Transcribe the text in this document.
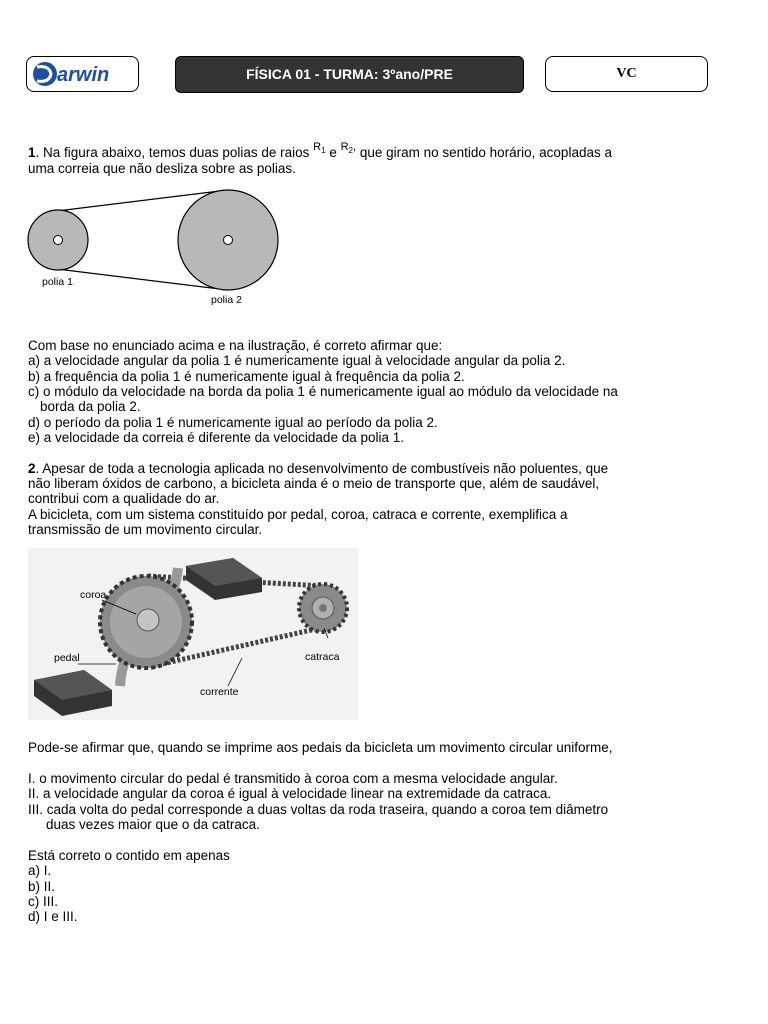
arwin	FÍSICA 01 - TURMA: 3ºano/PRE	VC
1. Na figura abaixo, temos duas polias de raios $^{R_1}$ e $^{R_2,}$ que giram no sentido horário, acopladas a
uma correia que não desliza sobre as polias.
polia 1
polia 2
Com base no enunciado acima e na ilustração, é correto afirmar que:
a) a velocidade angular da polia 1 é numericamente igual à velocidade angular da polia 2.
b) a frequência da polia 1 é numericamente igual à frequência da polia 2.
c) o módulo da velocidade na borda da polia 1 é numericamente igual ao módulo da velocidade na
borda da polia 2.
d) o período da polia 1 é numericamente igual ao período da polia 2.
e) a velocidade da correia é diferente da velocidade da polia 1.
2. Apesar de toda a tecnologia aplicada no desenvolvimento de combustíveis não poluentes, que
não liberam óxidos de carbono, a bicicleta ainda é o meio de transporte que, além de saudável,
contribui com a qualidade do ar.
A bicicleta, com um sistema constituído por pedal, coroa, catraca e corrente, exemplifica a
transmissão de um movimento circular.
coroa
pedal	catraca
corrente
Pode-se afirmar que, quando se imprime aos pedais da bicicleta um movimento circular uniforme,
I. o movimento circular do pedal é transmitido à coroa com a mesma velocidade angular.
II. a velocidade angular da coroa é igual à velocidade linear na extremidade da catraca.
III. cada volta do pedal corresponde a duas voltas da roda traseira, quando a coroa tem diâmetro
duas vezes maior que o da catraca.
Está correto o contido em apenas
a) I.
b) II.
c) III.
d) I e III.
